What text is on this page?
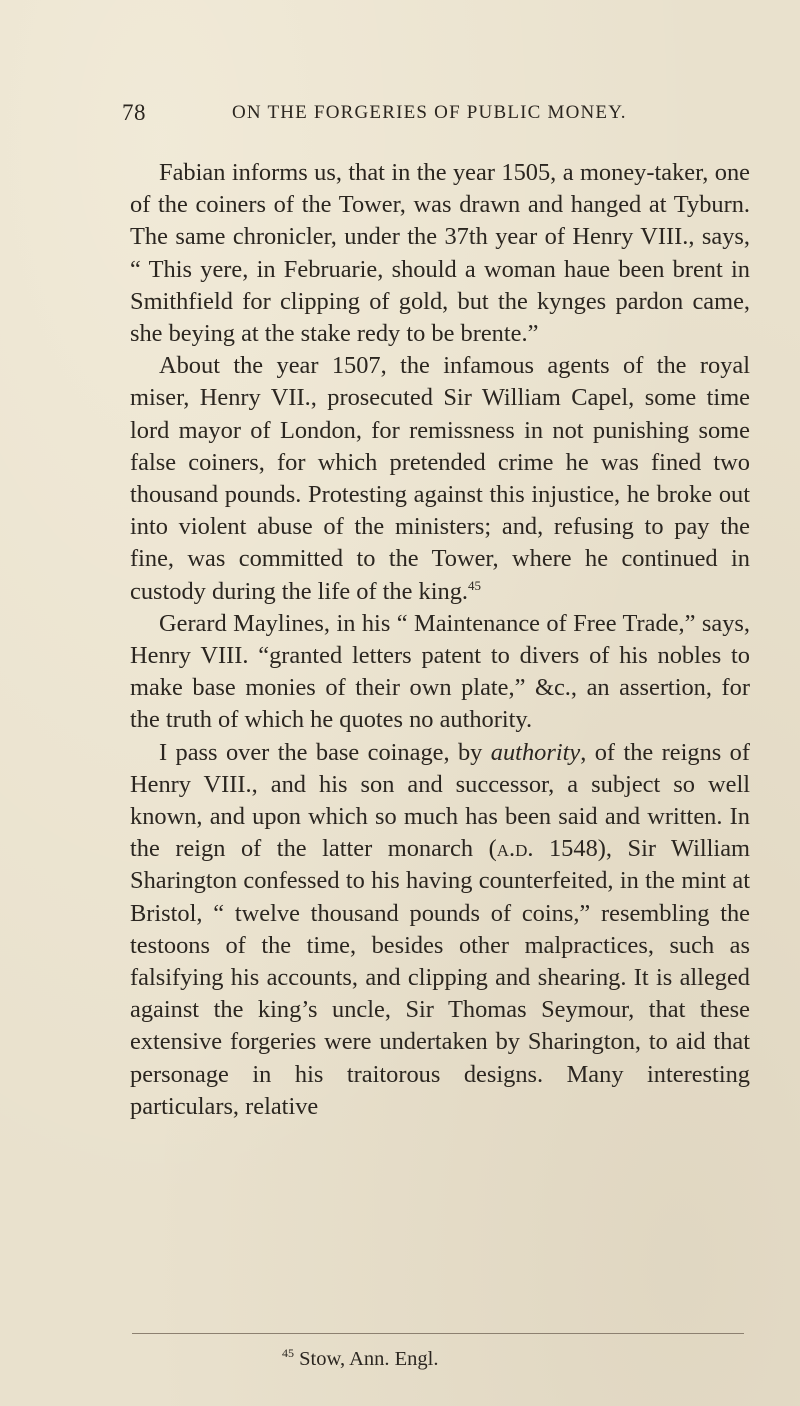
78	ON THE FORGERIES OF PUBLIC MONEY.

Fabian informs us, that in the year 1505, a money-taker, one of the coiners of the Tower, was drawn and hanged at Tyburn. The same chronicler, under the 37th year of Henry VIII., says, “ This yere, in Februarie, should a woman haue been brent in Smithfield for clipping of gold, but the kynges pardon came, she beying at the stake redy to be brente.”

About the year 1507, the infamous agents of the royal miser, Henry VII., prosecuted Sir William Capel, some time lord mayor of London, for remissness in not punishing some false coiners, for which pretended crime he was fined two thousand pounds. Protesting against this injustice, he broke out into violent abuse of the ministers; and, refusing to pay the fine, was committed to the Tower, where he continued in custody during the life of the king.$^{45}$

Gerard Maylines, in his “ Maintenance of Free Trade,” says, Henry VIII. “granted letters patent to divers of his nobles to make base monies of their own plate,” &c., an assertion, for the truth of which he quotes no authority.

I pass over the base coinage, by authority, of the reigns of Henry VIII., and his son and successor, a subject so well known, and upon which so much has been said and written. In the reign of the latter monarch (a.d. 1548), Sir William Sharington confessed to his having counterfeited, in the mint at Bristol, “ twelve thousand pounds of coins,” resembling the testoons of the time, besides other malpractices, such as falsifying his accounts, and clipping and shearing. It is alleged against the king’s uncle, Sir Thomas Seymour, that these extensive forgeries were undertaken by Sharington, to aid that personage in his traitorous designs. Many interesting particulars, relative

$^{45}$ Stow, Ann. Engl.
